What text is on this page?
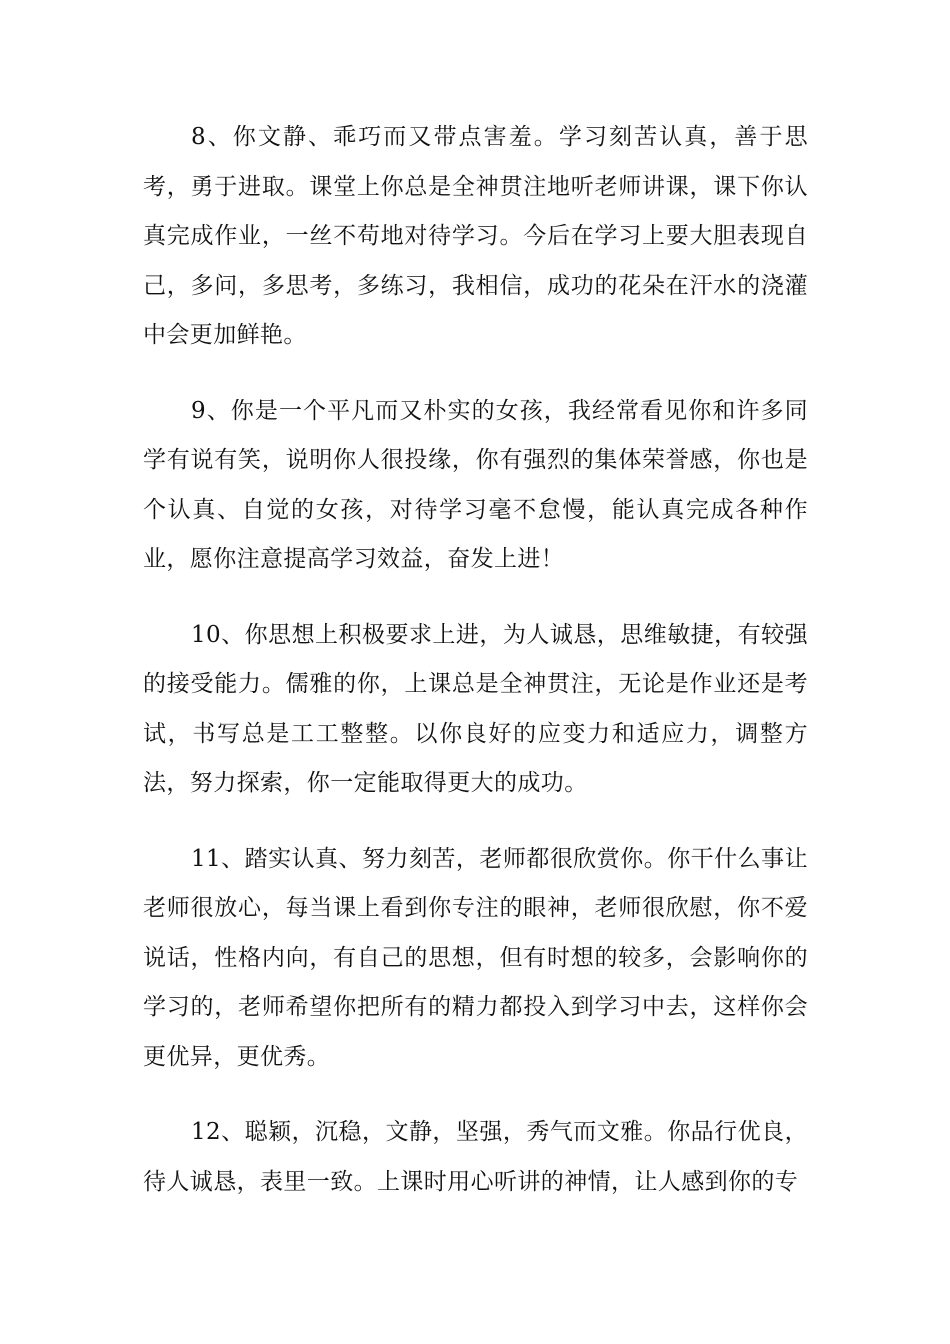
8、你文静、乖巧而又带点害羞。学习刻苦认真，善于思考，勇于进取。课堂上你总是全神贯注地听老师讲课，课下你认真完成作业，一丝不苟地对待学习。今后在学习上要大胆表现自己，多问，多思考，多练习，我相信，成功的花朵在汗水的浇灌中会更加鲜艳。

9、你是一个平凡而又朴实的女孩，我经常看见你和许多同学有说有笑，说明你人很投缘，你有强烈的集体荣誉感，你也是个认真、自觉的女孩，对待学习毫不怠慢，能认真完成各种作业，愿你注意提高学习效益，奋发上进！

10、你思想上积极要求上进，为人诚恳，思维敏捷，有较强的接受能力。儒雅的你，上课总是全神贯注，无论是作业还是考试，书写总是工工整整。以你良好的应变力和适应力，调整方法，努力探索，你一定能取得更大的成功。

11、踏实认真、努力刻苦，老师都很欣赏你。你干什么事让老师很放心，每当课上看到你专注的眼神，老师很欣慰，你不爱说话，性格内向，有自己的思想，但有时想的较多，会影响你的学习的，老师希望你把所有的精力都投入到学习中去，这样你会更优异，更优秀。

12、聪颖，沉稳，文静，坚强，秀气而文雅。你品行优良，待人诚恳，表里一致。上课时用心听讲的神情，让人感到你的专
